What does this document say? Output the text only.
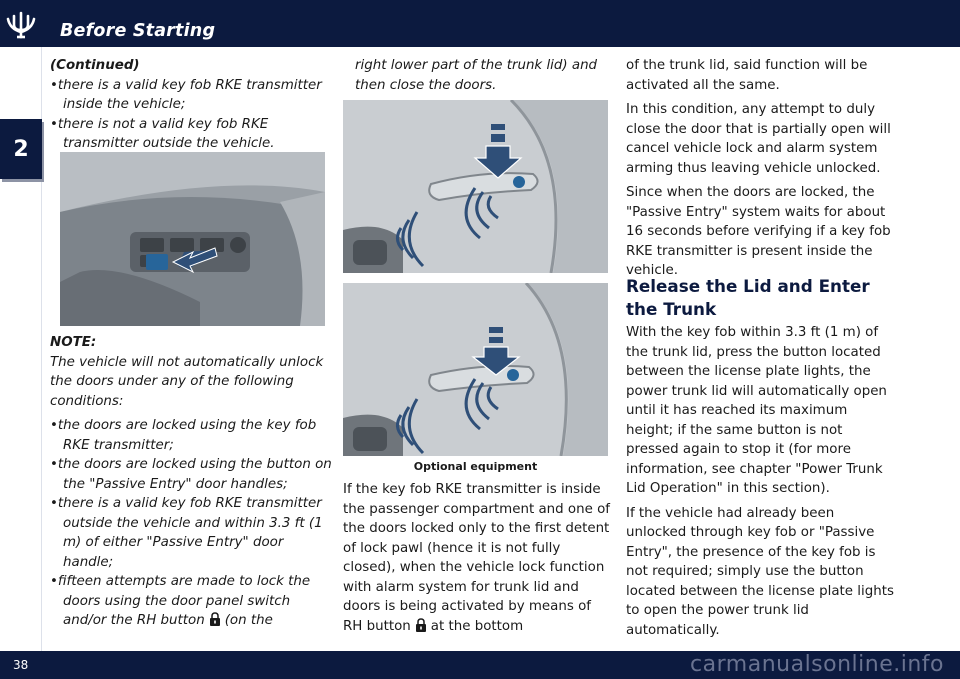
Before Starting
2

(Continued)

•there is a valid key fob RKE transmitter inside the vehicle;

•there is not a valid key fob RKE transmitter outside the vehicle.

NOTE:

The vehicle will not automatically unlock the doors under any of the following conditions:

•the doors are locked using the key fob RKE transmitter;

•the doors are locked using the button on the "Passive Entry" door handles;

•there is a valid key fob RKE transmitter outside the vehicle and within 3.3 ft (1 m) of either "Passive Entry" door handle;

•fifteen attempts are made to lock the doors using the door panel switch and/or the RH button (on the

right lower part of the trunk lid) and then close the doors.

Optional equipment

If the key fob RKE transmitter is inside the passenger compartment and one of the doors locked only to the first detent of lock pawl (hence it is not fully closed), when the vehicle lock function with alarm system for trunk lid and doors is being activated by means of RH button at the bottom

of the trunk lid, said function will be activated all the same.

In this condition, any attempt to duly close the door that is partially open will cancel vehicle lock and alarm system arming thus leaving vehicle unlocked.

Since when the doors are locked, the "Passive Entry" system waits for about 16 seconds before verifying if a key fob RKE transmitter is present inside the vehicle.

Release the Lid and Enter the Trunk

With the key fob within 3.3 ft (1 m) of the trunk lid, press the button located between the license plate lights, the power trunk lid will automatically open until it has reached its maximum height; if the same button is not pressed again to stop it (for more information, see chapter "Power Trunk Lid Operation" in this section).

If the vehicle had already been unlocked through key fob or "Passive Entry", the presence of the key fob is not required; simply use the button located between the license plate lights to open the power trunk lid automatically.

38	carmanualsonline.info
